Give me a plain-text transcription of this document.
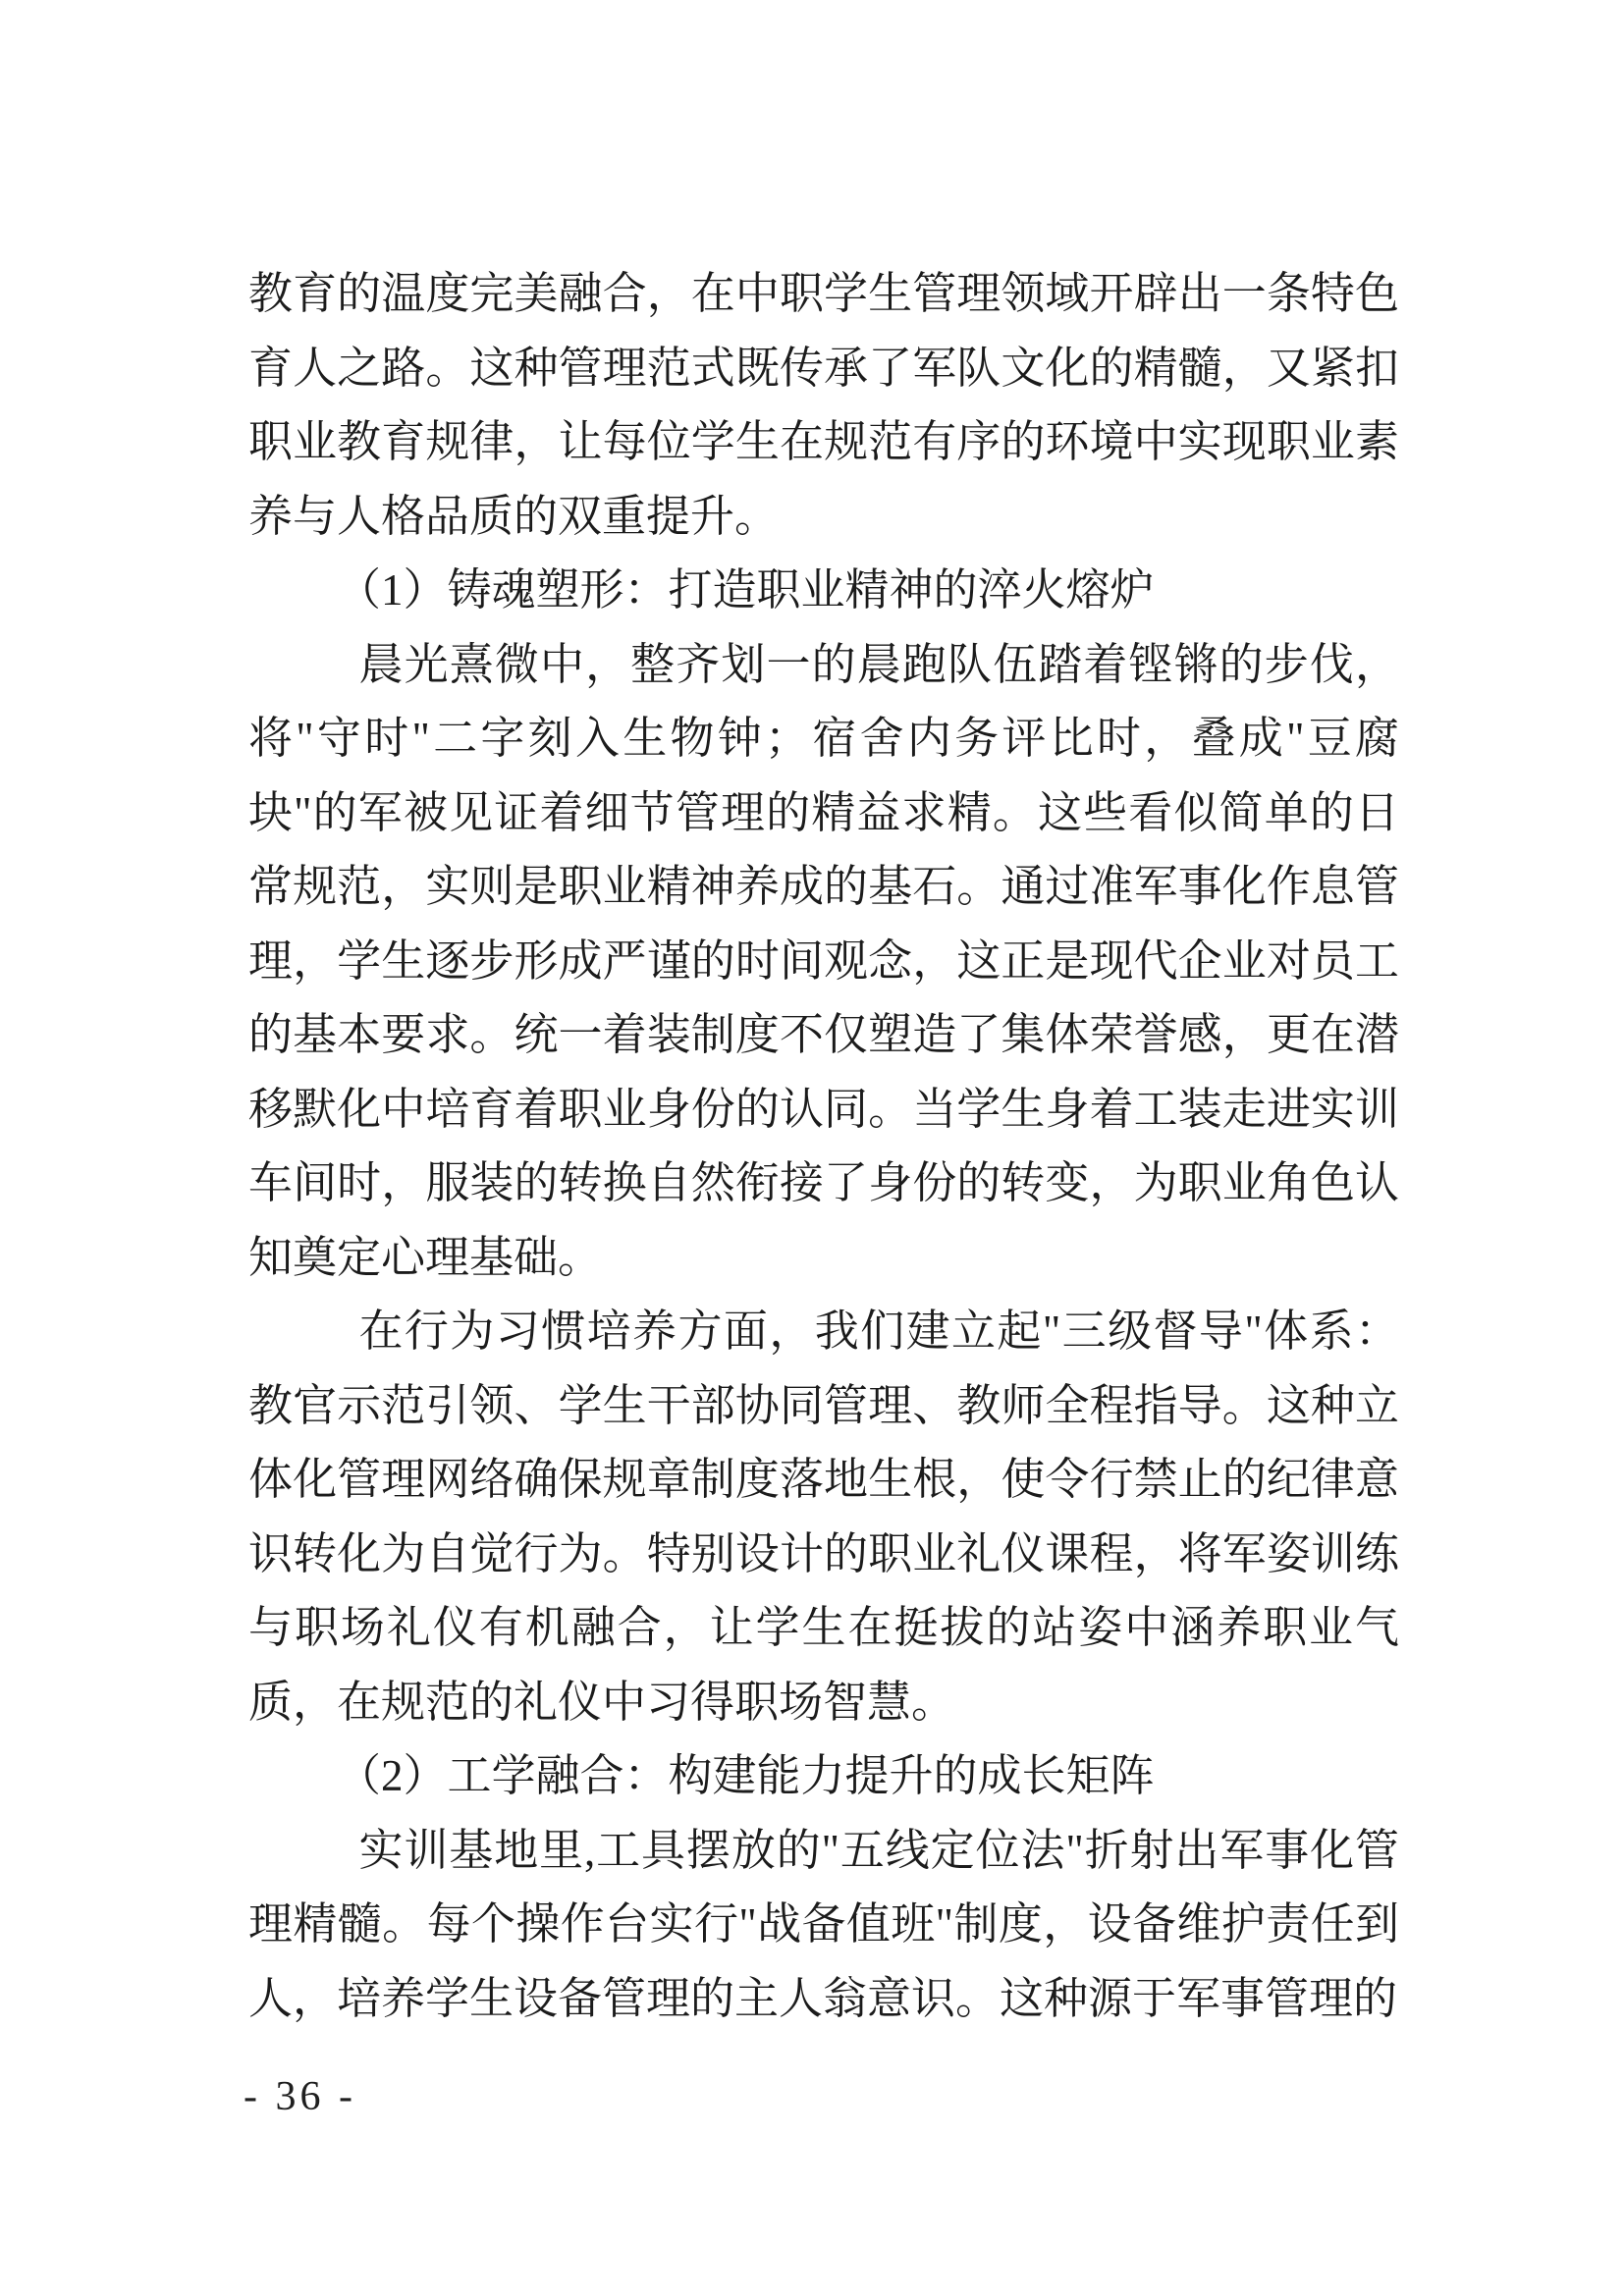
教育的温度完美融合，在中职学生管理领域开辟出一条特色育人之路。这种管理范式既传承了军队文化的精髓，又紧扣职业教育规律，让每位学生在规范有序的环境中实现职业素养与人格品质的双重提升。

（1）铸魂塑形：打造职业精神的淬火熔炉

晨光熹微中，整齐划一的晨跑队伍踏着铿锵的步伐，将"守时"二字刻入生物钟；宿舍内务评比时，叠成"豆腐块"的军被见证着细节管理的精益求精。这些看似简单的日常规范，实则是职业精神养成的基石。通过准军事化作息管理，学生逐步形成严谨的时间观念，这正是现代企业对员工的基本要求。统一着装制度不仅塑造了集体荣誉感，更在潜移默化中培育着职业身份的认同。当学生身着工装走进实训车间时，服装的转换自然衔接了身份的转变，为职业角色认知奠定心理基础。

在行为习惯培养方面，我们建立起"三级督导"体系：教官示范引领、学生干部协同管理、教师全程指导。这种立体化管理网络确保规章制度落地生根，使令行禁止的纪律意识转化为自觉行为。特别设计的职业礼仪课程，将军姿训练与职场礼仪有机融合，让学生在挺拔的站姿中涵养职业气质，在规范的礼仪中习得职场智慧。

（2）工学融合：构建能力提升的成长矩阵

实训基地里,工具摆放的"五线定位法"折射出军事化管理精髓。每个操作台实行"战备值班"制度，设备维护责任到人，培养学生设备管理的主人翁意识。这种源于军事管理的

- 36 -
